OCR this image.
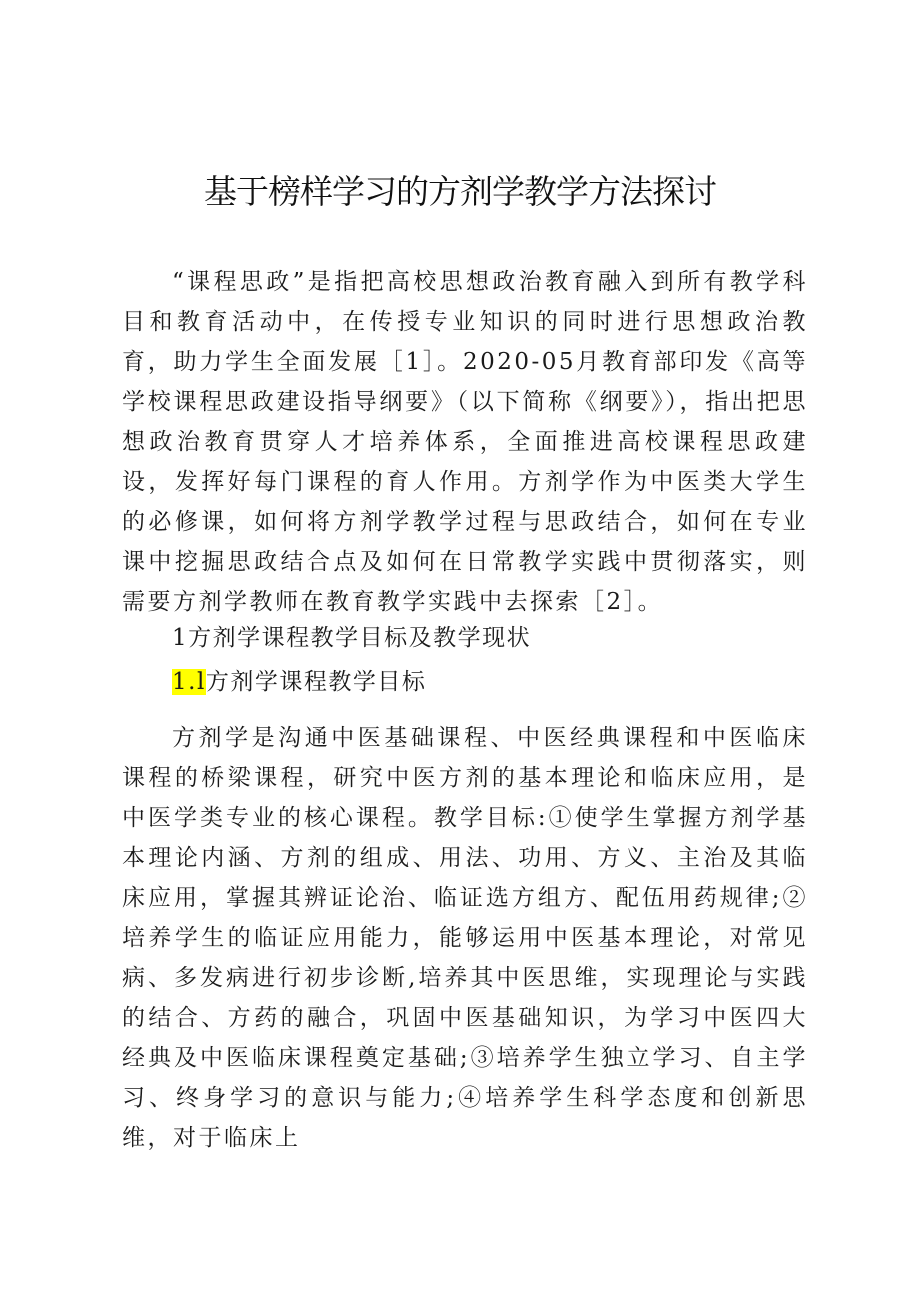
基于榜样学习的方剂学教学方法探讨

“课程思政”是指把高校思想政治教育融入到所有教学科目和教育活动中，在传授专业知识的同时进行思想政治教育，助力学生全面发展［1］。2020-05月教育部印发《高等学校课程思政建设指导纲要》（以下简称《纲要》），指出把思想政治教育贯穿人才培养体系，全面推进高校课程思政建设，发挥好每门课程的育人作用。方剂学作为中医类大学生的必修课，如何将方剂学教学过程与思政结合，如何在专业课中挖掘思政结合点及如何在日常教学实践中贯彻落实，则需要方剂学教师在教育教学实践中去探索［2］。

1方剂学课程教学目标及教学现状

1.l方剂学课程教学目标

方剂学是沟通中医基础课程、中医经典课程和中医临床课程的桥梁课程，研究中医方剂的基本理论和临床应用，是中医学类专业的核心课程。教学目标:①使学生掌握方剂学基本理论内涵、方剂的组成、用法、功用、方义、主治及其临床应用，掌握其辨证论治、临证选方组方、配伍用药规律;②培养学生的临证应用能力，能够运用中医基本理论，对常见病、多发病进行初步诊断,培养其中医思维，实现理论与实践的结合、方药的融合，巩固中医基础知识，为学习中医四大经典及中医临床课程奠定基础;③培养学生独立学习、自主学习、终身学习的意识与能力;④培养学生科学态度和创新思维，对于临床上
